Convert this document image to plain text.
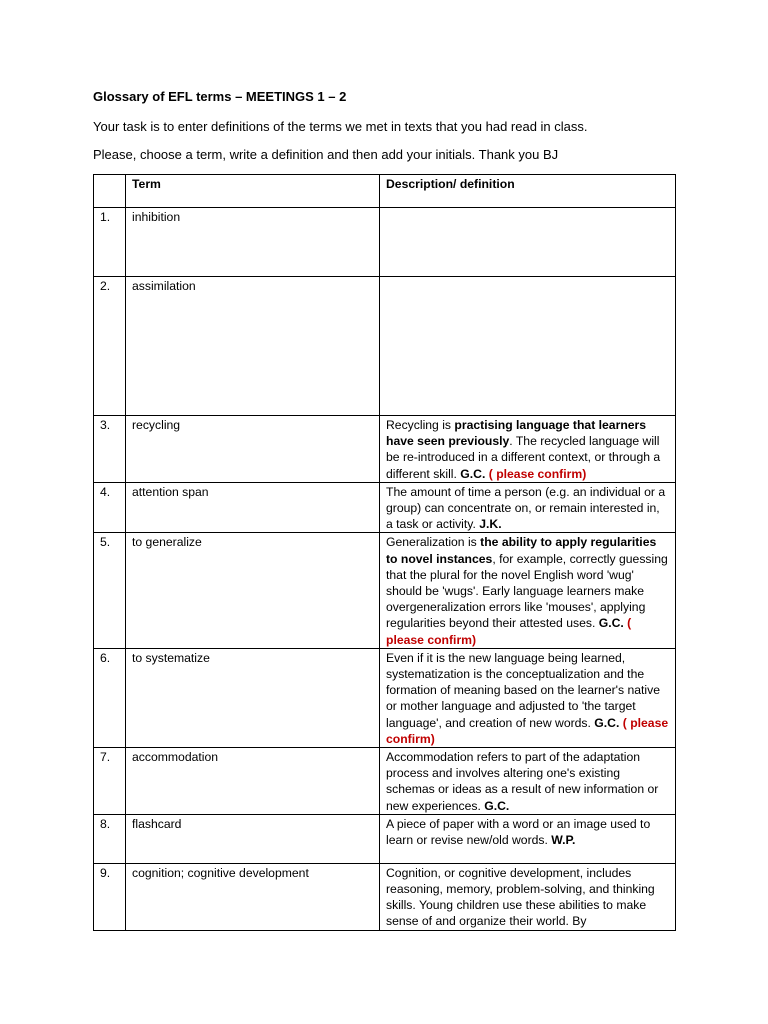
Glossary of EFL terms – MEETINGS 1 – 2
Your task is to enter definitions of the terms we met in texts that you had read in class.
Please, choose a term, write a definition and then add your initials. Thank you BJ
	Term	Description/ definition
1.	inhibition	
2.	assimilation	
3.	recycling	Recycling is practising language that learners have seen previously. The recycled language will be re-introduced in a different context, or through a different skill. G.C. ( please confirm)
4.	attention span	The amount of time a person (e.g. an individual or a group) can concentrate on, or remain interested in, a task or activity. J.K.
5.	to generalize	Generalization is the ability to apply regularities to novel instances, for example, correctly guessing that the plural for the novel English word 'wug' should be 'wugs'. Early language learners make overgeneralization errors like 'mouses', applying regularities beyond their attested uses. G.C. ( please confirm)
6.	to systematize	Even if it is the new language being learned, systematization is the conceptualization and the formation of meaning based on the learner's native or mother language and adjusted to 'the target language', and creation of new words. G.C. ( please confirm)
7.	accommodation	Accommodation refers to part of the adaptation process and involves altering one's existing schemas or ideas as a result of new information or new experiences. G.C.
8.	flashcard	A piece of paper with a word or an image used to learn or revise new/old words. W.P.
9.	cognition; cognitive development	Cognition, or cognitive development, includes reasoning, memory, problem-solving, and thinking skills. Young children use these abilities to make sense of and organize their world. By
